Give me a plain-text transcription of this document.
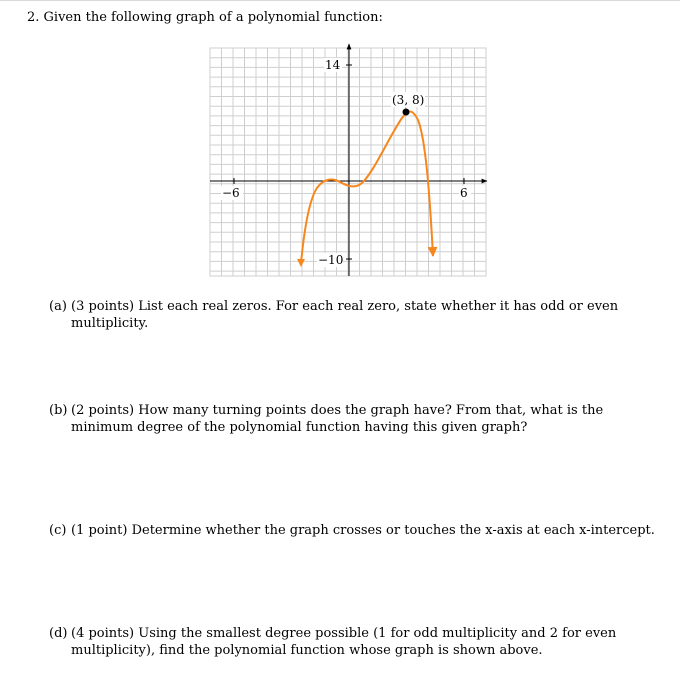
2. Given the following graph of a polynomial function:
−6	6
14
−10
(3, 8)
(a) (3 points) List each real zeros. For each real zero, state whether it has odd or even multiplicity.
(b) (2 points) How many turning points does the graph have? From that, what is the minimum degree of the polynomial function having this given graph?
(c) (1 point) Determine whether the graph crosses or touches the x-axis at each x-intercept.
(d) (4 points) Using the smallest degree possible (1 for odd multiplicity and 2 for even multiplicity), find the polynomial function whose graph is shown above.
